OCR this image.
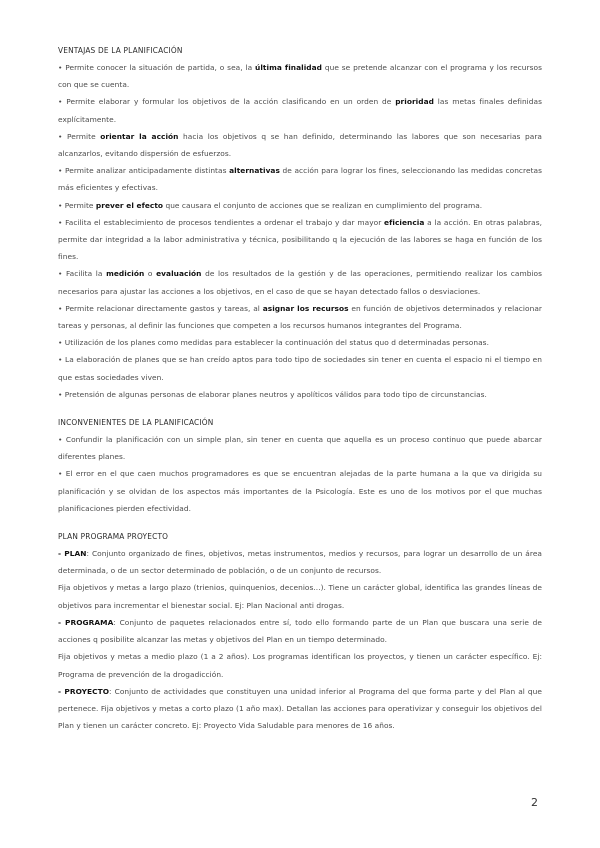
VENTAJAS DE LA PLANIFICACIÓN

• Permite conocer la situación de partida, o sea, la última finalidad que se pretende alcanzar con el programa y los recursos con que se cuenta.

• Permite elaborar y formular los objetivos de la acción clasificando en un orden de prioridad las metas finales definidas explícitamente.

• Permite orientar la acción hacia los objetivos q se han definido, determinando las labores que son necesarias para alcanzarlos, evitando dispersión de esfuerzos.

• Permite analizar anticipadamente distintas alternativas de acción para lograr los fines, seleccionando las medidas concretas más eficientes y efectivas.

• Permite prever el efecto que causara el conjunto de acciones que se realizan en cumplimiento del programa.

• Facilita el establecimiento de procesos tendientes a ordenar el trabajo y dar mayor eficiencia a la acción. En otras palabras, permite dar integridad a la labor administrativa y técnica, posibilitando q la ejecución de las labores se haga en función de los fines.

• Facilita la medición o evaluación de los resultados de la gestión y de las operaciones, permitiendo realizar los cambios necesarios para ajustar las acciones a los objetivos, en el caso de que se hayan detectado fallos o desviaciones.

• Permite relacionar directamente gastos y tareas, al asignar los recursos en función de objetivos determinados y relacionar tareas y personas, al definir las funciones que competen a los recursos humanos integrantes del Programa.

• Utilización de los planes como medidas para establecer la continuación del status quo d determinadas personas.

• La elaboración de planes que se han creído aptos para todo tipo de sociedades sin tener en cuenta el espacio ni el tiempo en que estas sociedades viven.

• Pretensión de algunas personas de elaborar planes neutros y apolíticos válidos para todo tipo de circunstancias.

INCONVENIENTES DE LA PLANIFICACIÓN

• Confundir la planificación con un simple plan, sin tener en cuenta que aquella es un proceso continuo que puede abarcar diferentes planes.

• El error en el que caen muchos programadores es que se encuentran alejadas de la parte humana a la que va dirigida su planificación y se olvidan de los aspectos más importantes de la Psicología. Este es uno de los motivos por el que muchas planificaciones pierden efectividad.

PLAN PROGRAMA PROYECTO

- PLAN: Conjunto organizado de fines, objetivos, metas instrumentos, medios y recursos, para lograr un desarrollo de un área determinada, o de un sector determinado de población, o de un conjunto de recursos.

Fija objetivos y metas a largo plazo (trienios, quinquenios, decenios...). Tiene un carácter global, identifica las grandes líneas de objetivos para incrementar el bienestar social. Ej: Plan Nacional anti drogas.

- PROGRAMA: Conjunto de paquetes relacionados entre sí, todo ello formando parte de un Plan que buscara una serie de acciones q posibilite alcanzar las metas y objetivos del Plan en un tiempo determinado.

Fija objetivos y metas a medio plazo (1 a 2 años). Los programas identifican los proyectos, y tienen un carácter específico. Ej: Programa de prevención de la drogadicción.

- PROYECTO: Conjunto de actividades que constituyen una unidad inferior al Programa del que forma parte y del Plan al que pertenece. Fija objetivos y metas a corto plazo (1 año max). Detallan las acciones para operativizar y conseguir los objetivos del Plan y tienen un carácter concreto. Ej: Proyecto Vida Saludable para menores de 16 años.

2
